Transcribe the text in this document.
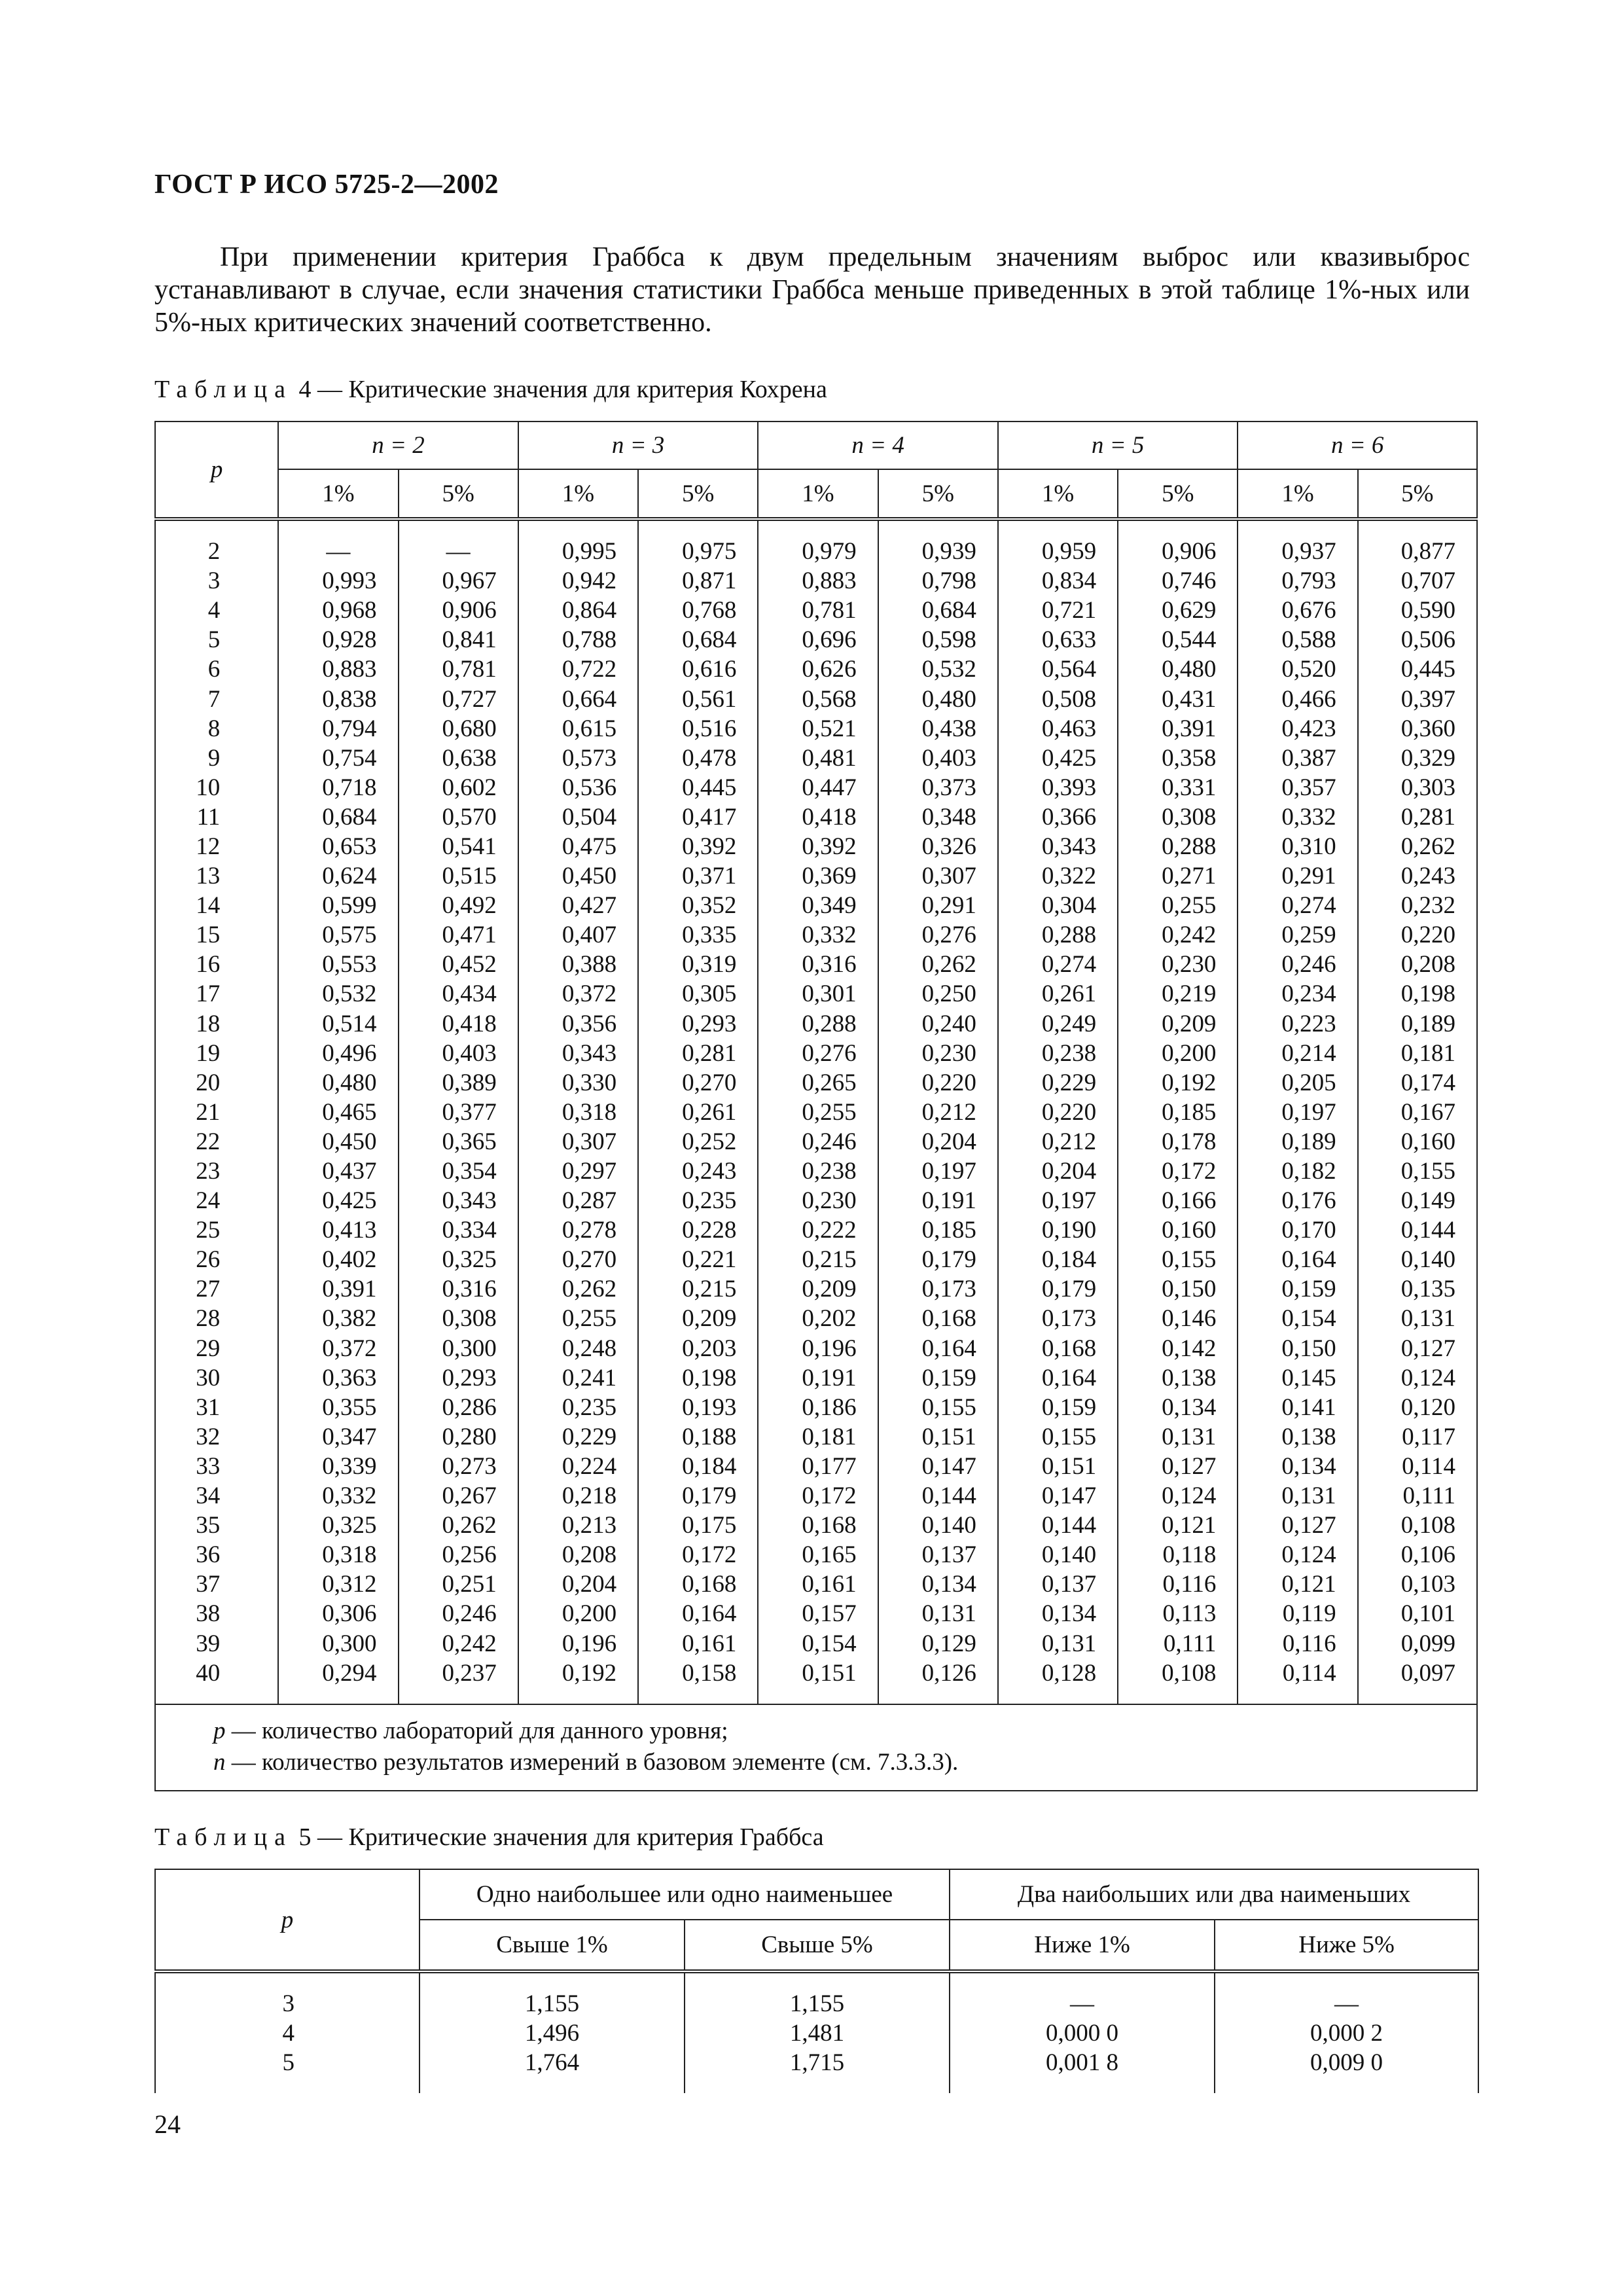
ГОСТ Р ИСО 5725-2—2002

При применении критерия Граббса к двум предельным значениям выброс или квазивыброс устанавливают в случае, если значения статистики Граббса меньше приведенных в этой таблице 1%-ных или 5%-ных критических значений соответственно.

Таблица 4 — Критические значения для критерия Кохрена
p	n = 2		n = 3		n = 4		n = 5		n = 6	
	1%	5%	1%	5%	1%	5%	1%	5%	1%	5%

2	—	—	0,995	0,975	0,979	0,939	0,959	0,906	0,937	0,877
3	0,993	0,967	0,942	0,871	0,883	0,798	0,834	0,746	0,793	0,707
4	0,968	0,906	0,864	0,768	0,781	0,684	0,721	0,629	0,676	0,590
5	0,928	0,841	0,788	0,684	0,696	0,598	0,633	0,544	0,588	0,506
6	0,883	0,781	0,722	0,616	0,626	0,532	0,564	0,480	0,520	0,445
7	0,838	0,727	0,664	0,561	0,568	0,480	0,508	0,431	0,466	0,397
8	0,794	0,680	0,615	0,516	0,521	0,438	0,463	0,391	0,423	0,360
9	0,754	0,638	0,573	0,478	0,481	0,403	0,425	0,358	0,387	0,329
10	0,718	0,602	0,536	0,445	0,447	0,373	0,393	0,331	0,357	0,303
11	0,684	0,570	0,504	0,417	0,418	0,348	0,366	0,308	0,332	0,281
12	0,653	0,541	0,475	0,392	0,392	0,326	0,343	0,288	0,310	0,262
13	0,624	0,515	0,450	0,371	0,369	0,307	0,322	0,271	0,291	0,243
14	0,599	0,492	0,427	0,352	0,349	0,291	0,304	0,255	0,274	0,232
15	0,575	0,471	0,407	0,335	0,332	0,276	0,288	0,242	0,259	0,220
16	0,553	0,452	0,388	0,319	0,316	0,262	0,274	0,230	0,246	0,208
17	0,532	0,434	0,372	0,305	0,301	0,250	0,261	0,219	0,234	0,198
18	0,514	0,418	0,356	0,293	0,288	0,240	0,249	0,209	0,223	0,189
19	0,496	0,403	0,343	0,281	0,276	0,230	0,238	0,200	0,214	0,181
20	0,480	0,389	0,330	0,270	0,265	0,220	0,229	0,192	0,205	0,174
21	0,465	0,377	0,318	0,261	0,255	0,212	0,220	0,185	0,197	0,167
22	0,450	0,365	0,307	0,252	0,246	0,204	0,212	0,178	0,189	0,160
23	0,437	0,354	0,297	0,243	0,238	0,197	0,204	0,172	0,182	0,155
24	0,425	0,343	0,287	0,235	0,230	0,191	0,197	0,166	0,176	0,149
25	0,413	0,334	0,278	0,228	0,222	0,185	0,190	0,160	0,170	0,144
26	0,402	0,325	0,270	0,221	0,215	0,179	0,184	0,155	0,164	0,140
27	0,391	0,316	0,262	0,215	0,209	0,173	0,179	0,150	0,159	0,135
28	0,382	0,308	0,255	0,209	0,202	0,168	0,173	0,146	0,154	0,131
29	0,372	0,300	0,248	0,203	0,196	0,164	0,168	0,142	0,150	0,127
30	0,363	0,293	0,241	0,198	0,191	0,159	0,164	0,138	0,145	0,124
31	0,355	0,286	0,235	0,193	0,186	0,155	0,159	0,134	0,141	0,120
32	0,347	0,280	0,229	0,188	0,181	0,151	0,155	0,131	0,138	0,117
33	0,339	0,273	0,224	0,184	0,177	0,147	0,151	0,127	0,134	0,114
34	0,332	0,267	0,218	0,179	0,172	0,144	0,147	0,124	0,131	0,111
35	0,325	0,262	0,213	0,175	0,168	0,140	0,144	0,121	0,127	0,108
36	0,318	0,256	0,208	0,172	0,165	0,137	0,140	0,118	0,124	0,106
37	0,312	0,251	0,204	0,168	0,161	0,134	0,137	0,116	0,121	0,103
38	0,306	0,246	0,200	0,164	0,157	0,131	0,134	0,113	0,119	0,101
39	0,300	0,242	0,196	0,161	0,154	0,129	0,131	0,111	0,116	0,099
40	0,294	0,237	0,192	0,158	0,151	0,126	0,128	0,108	0,114	0,097

p — количество лабораторий для данного уровня;
n — количество результатов измерений в базовом элементе (см. 7.3.3.3).										
Таблица 5 — Критические значения для критерия Граббса
p	Одно наибольшее или одно наименьшее		Два наибольших или два наименьших	
	Свыше 1%	Свыше 5%	Ниже 1%	Ниже 5%

3	1,155	1,155	—	—
4	1,496	1,481	0,000 0	0,000 2
5	1,764	1,715	0,001 8	0,009 0

24
